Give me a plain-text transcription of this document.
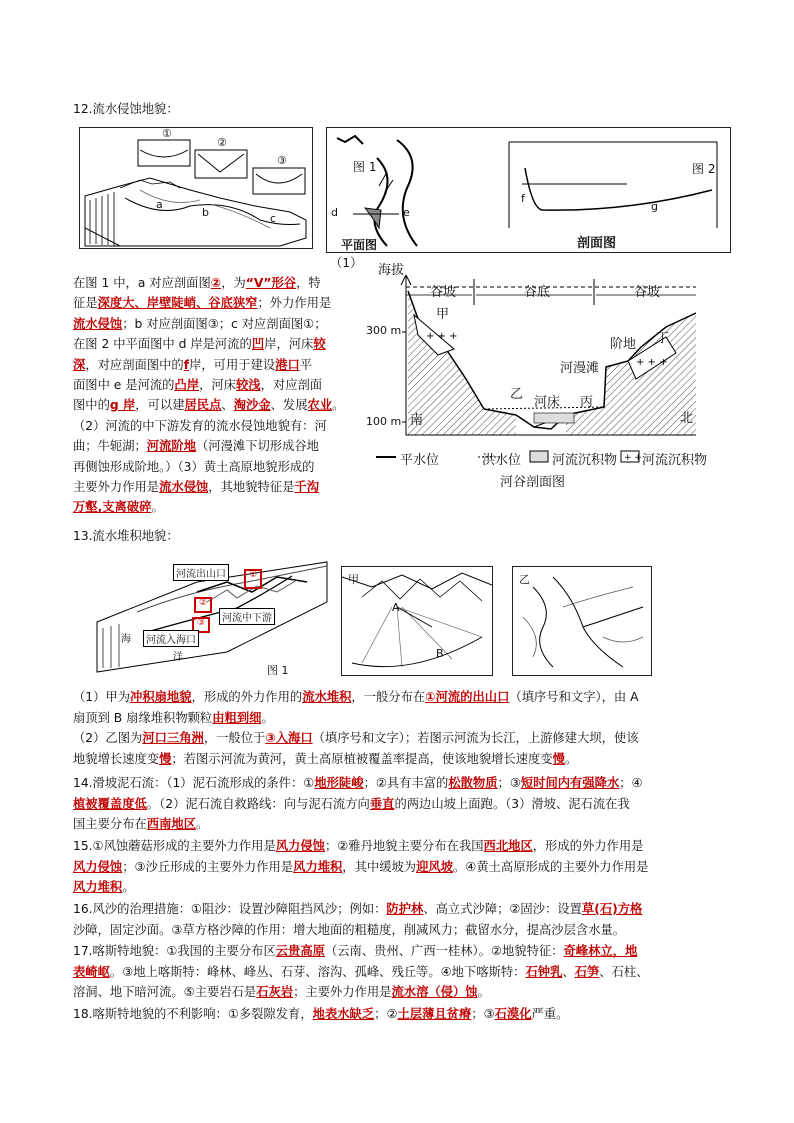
12.流水侵蚀地貌：
①
②
③
a
b	c
图 1	图 2
d	e
f
g
平面图	剖面图
（1）
在图 1 中，a 对应剖面图②，为“V”形谷，特
征是深度大、岸壁陡峭、谷底狭窄；外力作用是
流水侵蚀；b 对应剖面图③；c 对应剖面图①；
在图 2 中平面图中 d 岸是河流的凹岸，河床较
深，对应剖面图中的f岸，可用于建设港口平
面图中 e 是河流的凸岸，河床较浅，对应剖面
图中的g 岸，可以建居民点、淘沙金、发展农业。
（2）河流的中下游发育的流水侵蚀地貌有：河
曲；牛轭湖；河流阶地（河漫滩下切形成谷地
再侧蚀形成阶地。）（3）黄土高原地貌形成的
主要外力作用是流水侵蚀，其地貌特征是千沟
万壑,支离破碎。
+ + +
+ + +
+ +
海拔
谷坡	谷底	谷坡
甲
阶地 丁
河漫滩
乙
河床 丙
南	北
300 m
100 m
平水位	洪水位 河流沉积物 河流沉积物
河谷剖面图
13.流水堆积地貌：
河流出山口
河流中下游
河流入海口
海
洋
①
②
③
图 1
甲
A
B
乙
（1）甲为冲积扇地貌，形成的外力作用的流水堆积，一般分布在①河流的出山口（填序号和文字），由 A
扇顶到 B 扇缘堆积物颗粒由粗到细。
（2）乙图为河口三角洲，一般位于③入海口（填序号和文字）；若图示河流为长江，上游修建大坝，使该
地貌增长速度变慢；若图示河流为黄河，黄土高原植被覆盖率提高，使该地貌增长速度变慢。
14.滑坡泥石流：（1）泥石流形成的条件：①地形陡峻；②具有丰富的松散物质；③短时间内有强降水；④
植被覆盖度低。（2）泥石流自救路线：向与泥石流方向垂直的两边山坡上面跑。（3）滑坡、泥石流在我
国主要分布在西南地区。
15.①风蚀蘑菇形成的主要外力作用是风力侵蚀；②雅丹地貌主要分布在我国西北地区，形成的外力作用是
风力侵蚀；③沙丘形成的主要外力作用是风力堆积，其中缓坡为迎风坡。④黄土高原形成的主要外力作用是
风力堆积。
16.风沙的治理措施：①阻沙：设置沙障阻挡风沙；例如：防护林、高立式沙障；②固沙：设置草(石)方格
沙障，固定沙面。③草方格沙障的作用：增大地面的粗糙度，削减风力；截留水分，提高沙层含水量。
17.喀斯特地貌：①我国的主要分布区云贵高原（云南、贵州、广西一桂林）。②地貌特征：奇峰林立，地
表崎岖。③地上喀斯特：峰林、峰丛、石芽、溶沟、孤峰、残丘等。④地下喀斯特：石钟乳、石笋、石柱、
溶洞、地下暗河流。⑤主要岩石是石灰岩；主要外力作用是流水溶（侵）蚀。
18.喀斯特地貌的不利影响：①多裂隙发育，地表水缺乏；②土层薄且贫瘠；③石漠化严重。
